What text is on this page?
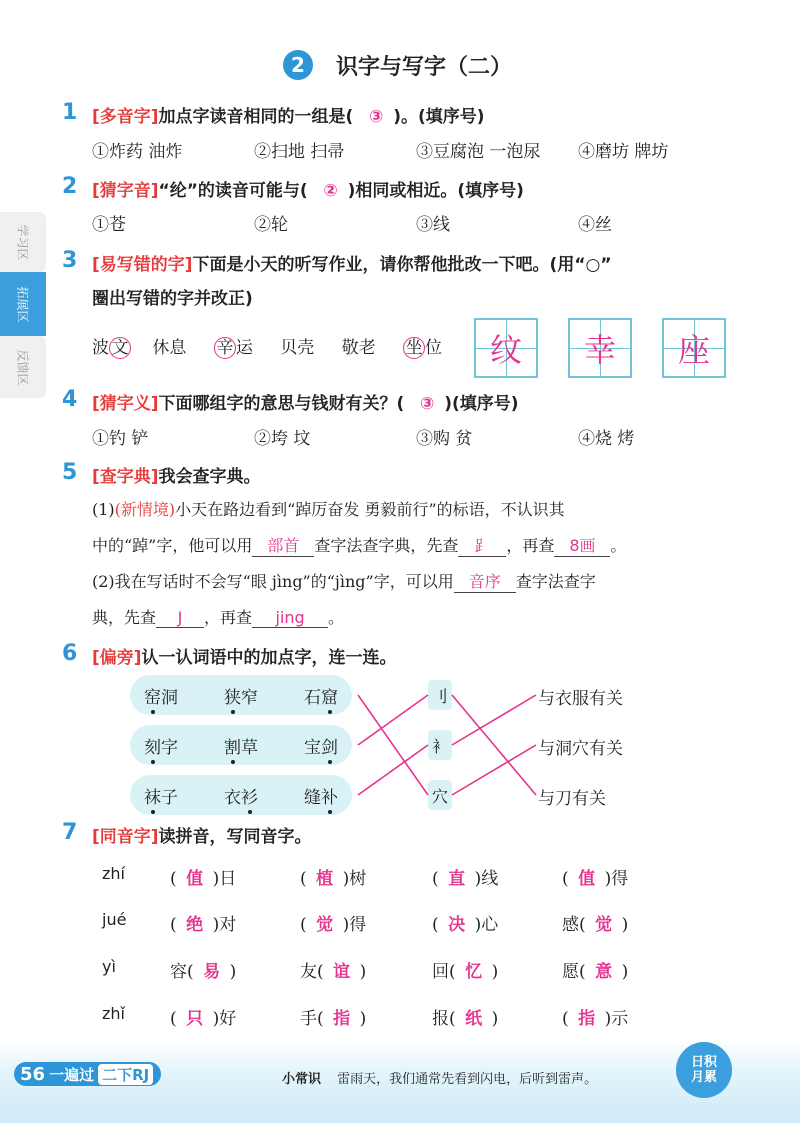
学习区
拓展区
反馈区
2 识字与写字（二）
1 [多音字]加点字读音相同的一组是( ③ )。(填序号)
①炸药 油炸	②扫地 扫帚	③豆腐泡 一泡尿	④磨坊 牌坊
2 [猜字音]“纶”的读音可能与( ② )相同或相近。(填序号)
①苍	②轮	③线	④丝
3 [易写错的字]下面是小天的听写作业，请你帮他批改一下吧。(用“○”
圈出写错的字并改正)
波 文 休息 辛 运 贝壳 敬老 坐 位	纹	幸	座
4 [猜字义]下面哪组字的意思与钱财有关？( ③ )(填序号)
①钓 铲	②垮 坟	③购 贫	④烧 烤
5 [查字典]我会查字典。
(1)(新情境)小天在路边看到“踔厉奋发 勇毅前行”的标语，不认识其
中的“踔”字，他可以用 部首 查字法查字典，先查 ⻊ ，再查 8画 。
(2)我在写话时不会写“眼 jìng”的“jìng”字，可以用 音序 查字法查字
典，先查 J ，再查 jing 。
6 [偏旁]认一认词语中的加点字，连一连。
窑洞	狭窄	石窟
刻字	割草	宝剑
袜子	衣衫	缝补
刂
衤
穴
与衣服有关
与洞穴有关
与刀有关
7 [同音字]读拼音，写同音字。
zhí	( 值 )日	( 植 )树	( 直 )线	( 值 )得
jué	( 绝 )对	( 觉 )得	( 决 )心	感( 觉 )
yì	容( 易 )	友( 谊 )	回( 忆 )	愿( 意 )
zhǐ	( 只 )好	手( 指 )	报( 纸 )	( 指 )示
56 一遍过 二下RJ	小常识 雷雨天，我们通常先看到闪电，后听到雷声。
日积月累
